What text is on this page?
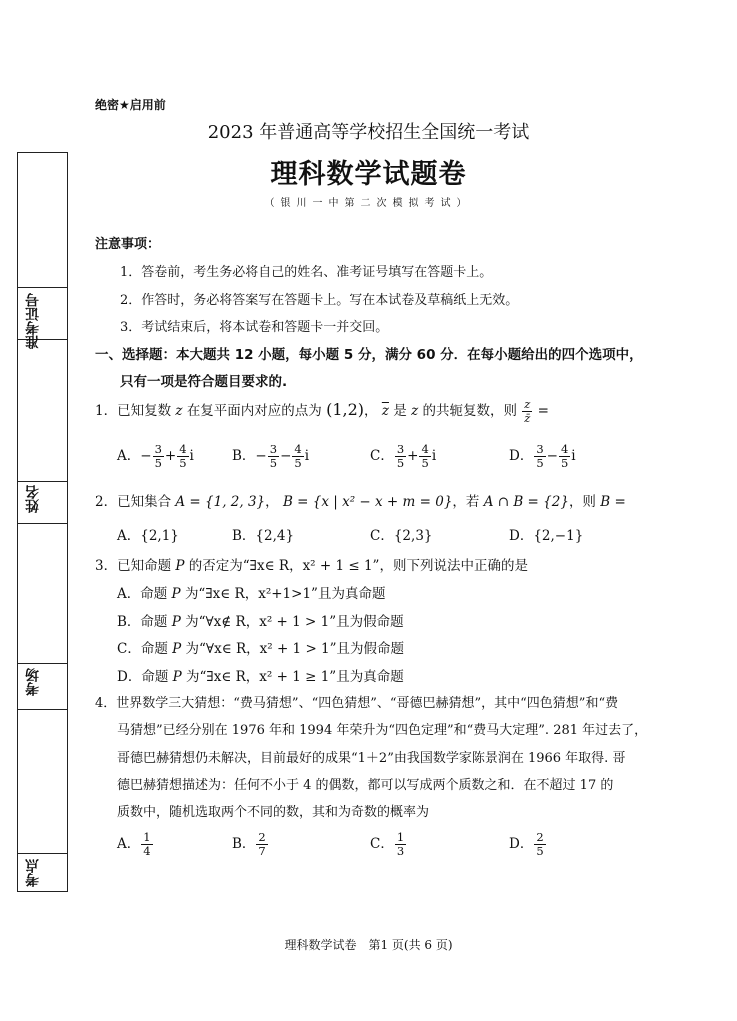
准考证号
姓名
考场
考点
绝密★启用前
2023 年普通高等学校招生全国统一考试
理科数学试题卷
（银川一中第二次模拟考试）
注意事项：
1．答卷前，考生务必将自己的姓名、准考证号填写在答题卡上。
2．作答时，务必将答案写在答题卡上。写在本试卷及草稿纸上无效。
3．考试结束后，将本试卷和答题卡一并交回。
一、选择题：本大题共 12 小题，每小题 5 分，满分 60 分．在每小题给出的四个选项中，
只有一项是符合题目要求的.
1．已知复数 z 在复平面内对应的点为 (1,2)， $\overline{z}$ 是 z 的共轭复数，则 $\frac{z}{z̄}$ =
A．− $\frac{3}{5} + \frac{4}{5}$ i	B．− $\frac{3}{5} - \frac{4}{5}$ i	C． $\frac{3}{5} + \frac{4}{5}$ i	D． $\frac{3}{5} - \frac{4}{5}$ i
2．已知集合 A = {1, 2, 3}， B = {x | x² − x + m = 0}，若 A ∩ B = {2}，则 B =
A．{2,1}	B．{2,4}	C．{2,3}	D．{2,−1}
3．已知命题 P 的否定为“∃x∈ R，x² + 1 ≤ 1”，则下列说法中正确的是
A．命题 P 为“∃x∈ R，x²+1>1”且为真命题
B．命题 P 为“∀x∉ R，x² + 1 > 1”且为假命题
C．命题 P 为“∀x∈ R，x² + 1 > 1”且为假命题
D．命题 P 为“∃x∈ R，x² + 1 ≥ 1”且为真命题
4．世界数学三大猜想：“费马猜想”、“四色猜想”、“哥德巴赫猜想”，其中“四色猜想”和“费
马猜想”已经分别在 1976 年和 1994 年荣升为“四色定理”和“费马大定理”. 281 年过去了，
哥德巴赫猜想仍未解决，目前最好的成果“1＋2”由我国数学家陈景润在 1966 年取得. 哥
德巴赫猜想描述为：任何不小于 4 的偶数，都可以写成两个质数之和．在不超过 17 的
质数中，随机选取两个不同的数，其和为奇数的概率为
A． $\frac{1}{4}$	B． $\frac{2}{7}$	C． $\frac{1}{3}$	D． $\frac{2}{5}$
理科数学试卷　第1 页(共 6 页)
